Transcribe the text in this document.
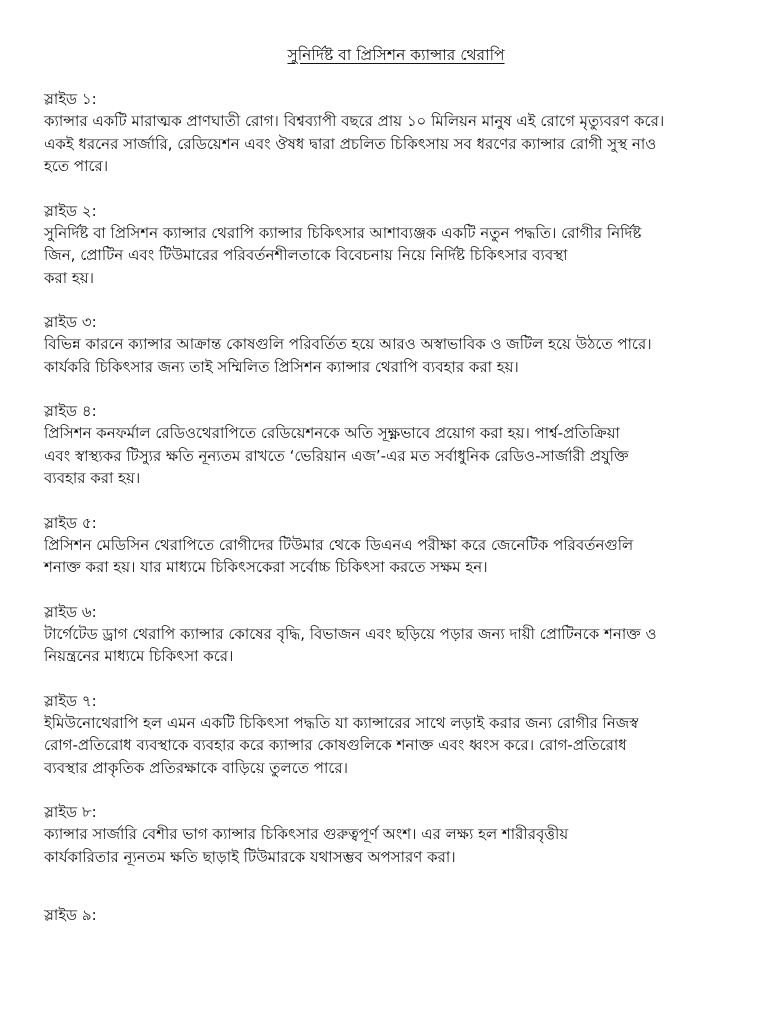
সুনির্দিষ্ট বা প্রিসিশন ক্যান্সার থেরাপি

স্লাইড ১:

ক্যান্সার একটি মারাত্মক প্রাণঘাতী রোগ। বিশ্বব্যাপী বছরে প্রায় ১০ মিলিয়ন মানুষ এই রোগে মৃত্যুবরণ করে।
একই ধরনের সার্জারি, রেডিয়েশন এবং ঔষধ দ্বারা প্রচলিত চিকিৎসায় সব ধরণের ক্যান্সার রোগী সুস্থ নাও
হতে পারে।

স্লাইড ২:

সুনির্দিষ্ট বা প্রিসিশন ক্যান্সার থেরাপি ক্যান্সার চিকিৎসার আশাব্যঞ্জক একটি নতুন পদ্ধতি। রোগীর নির্দিষ্ট
জিন, প্রোটিন এবং টিউমারের পরিবর্তনশীলতাকে বিবেচনায় নিয়ে নির্দিষ্ট চিকিৎসার ব্যবস্থা
করা হয়।

স্লাইড ৩:

বিভিন্ন কারনে ক্যান্সার আক্রান্ত কোষগুলি পরিবর্তিত হয়ে আরও অস্বাভাবিক ও জটিল হয়ে উঠতে পারে।
কার্যকরি চিকিৎসার জন্য তাই সম্মিলিত প্রিসিশন ক্যান্সার থেরাপি ব্যবহার করা হয়।

স্লাইড ৪:

প্রিসিশন কনফর্মাল রেডিওথেরাপিতে রেডিয়েশনকে অতি সূক্ষ্ণভাবে প্রয়োগ করা হয়। পার্শ্ব-প্রতিক্রিয়া
এবং স্বাস্থ্যকর টিস্যুর ক্ষতি নূন্যতম রাখতে ‘ভেরিয়ান এজ’-এর মত সর্বাধুনিক রেডিও-সার্জারী প্রযুক্তি
ব্যবহার করা হয়।

স্লাইড ৫:

প্রিসিশন মেডিসিন থেরাপিতে রোগীদের টিউমার থেকে ডিএনএ পরীক্ষা করে জেনেটিক পরিবর্তনগুলি
শনাক্ত করা হয়। যার মাধ্যমে চিকিৎসকেরা সর্বোচ্চ চিকিৎসা করতে সক্ষম হন।

স্লাইড ৬:

টার্গেটেড ড্রাগ থেরাপি ক্যান্সার কোষের বৃদ্ধি, বিভাজন এবং ছড়িয়ে পড়ার জন্য দায়ী প্রোটিনকে শনাক্ত ও
নিয়ন্ত্রনের মাধ্যমে চিকিৎসা করে।

স্লাইড ৭:

ইমিউনোথেরাপি হল এমন একটি চিকিৎসা পদ্ধতি যা ক্যান্সারের সাথে লড়াই করার জন্য রোগীর নিজস্ব
রোগ-প্রতিরোধ ব্যবস্থাকে ব্যবহার করে ক্যান্সার কোষগুলিকে শনাক্ত এবং ধ্বংস করে। রোগ-প্রতিরোধ
ব্যবস্থার প্রাকৃতিক প্রতিরক্ষাকে বাড়িয়ে তুলতে পারে।

স্লাইড ৮:

ক্যান্সার সার্জারি বেশীর ভাগ ক্যান্সার চিকিৎসার গুরুত্বপূর্ণ অংশ। এর লক্ষ্য হল শারীরবৃত্তীয়
কার্যকারিতার ন্যূনতম ক্ষতি ছাড়াই টিউমারকে যথাসম্ভব অপসারণ করা।

স্লাইড ৯:
